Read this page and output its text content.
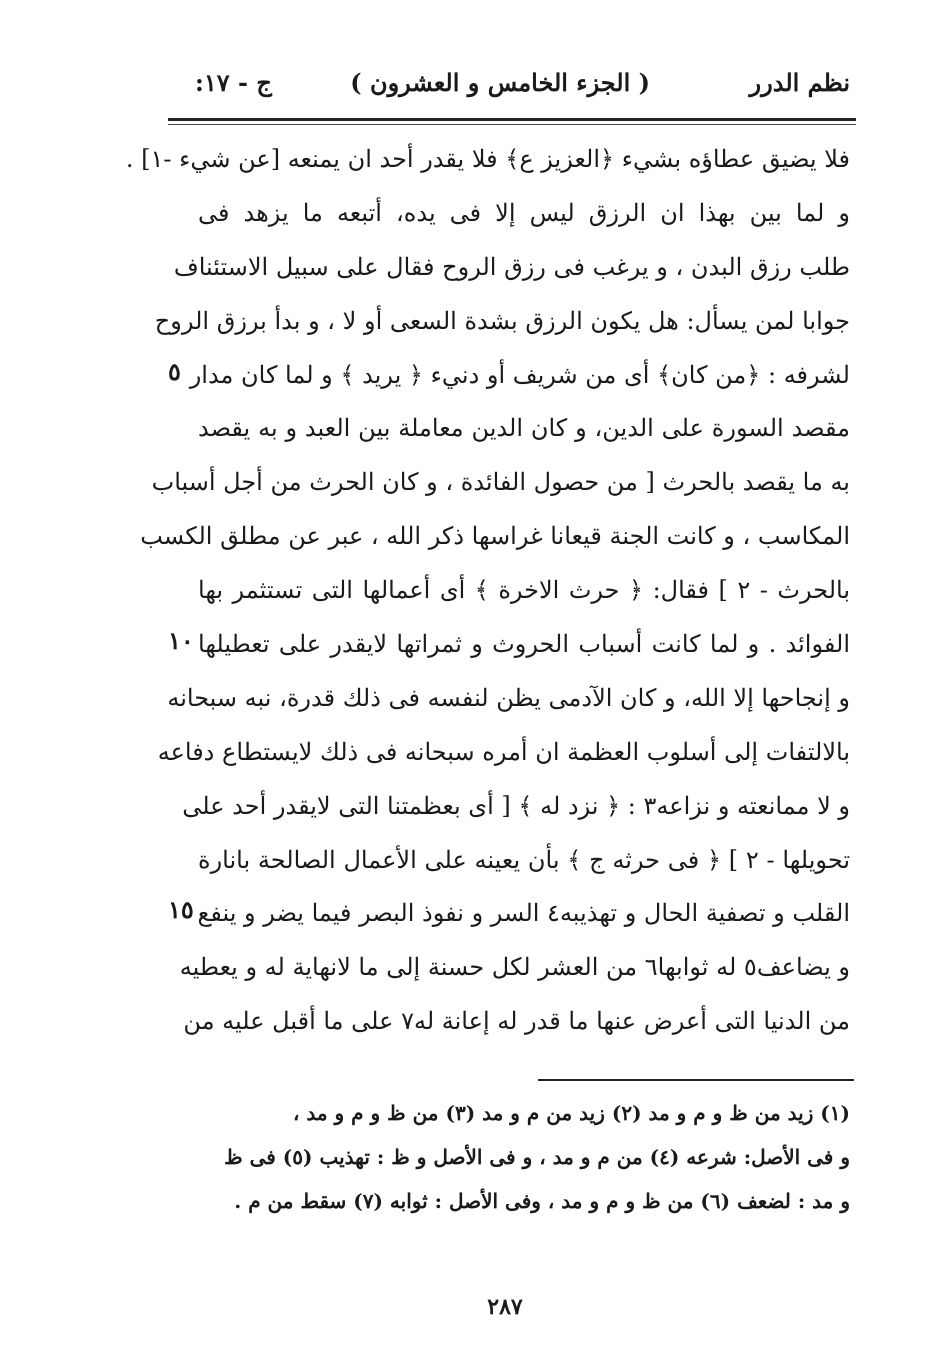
نظم الدرر
( الجزء الخامس و العشرون )
ج - ١٧:
فلا يضيق عطاؤه بشيء ﴿العزيز ع﴾ فلا يقدر أحد ان يمنعه [عن شيء -١] .
و لما بين بهذا ان الرزق ليس إلا فى يده، أتبعه ما يزهد فى
طلب رزق البدن ، و يرغب فى رزق الروح فقال على سبيل الاستئناف
جوابا لمن يسأل: هل يكون الرزق بشدة السعى أو لا ، و بدأ برزق الروح
لشرفه : ﴿من كان﴾ أى من شريف أو دنيء ﴿ يريد ﴾ و لما كان مدار
٥
مقصد السورة على الدين، و كان الدين معاملة بين العبد و به يقصد
به ما يقصد بالحرث [ من حصول الفائدة ، و كان الحرث من أجل أسباب
المكاسب ، و كانت الجنة قيعانا غراسها ذكر الله ، عبر عن مطلق الكسب
بالحرث - ٢ ] فقال: ﴿ حرث الاخرة ﴾ أى أعمالها التى تستثمر بها
الفوائد . و لما كانت أسباب الحروث و ثمراتها لايقدر على تعطيلها
١٠
و إنجاحها إلا الله، و كان الآدمى يظن لنفسه فى ذلك قدرة، نبه سبحانه
بالالتفات إلى أسلوب العظمة ان أمره سبحانه فى ذلك لايستطاع دفاعه
و لا ممانعته و نزاعه٣ : ﴿ نزد له ﴾ [ أى بعظمتنا التى لايقدر أحد على
تحويلها - ٢ ] ﴿ فى حرثه ج ﴾ بأن يعينه على الأعمال الصالحة بانارة
القلب و تصفية الحال و تهذيبه٤ السر و نفوذ البصر فيما يضر و ينفع
١٥
و يضاعف٥ له ثوابها٦ من العشر لكل حسنة إلى ما لانهاية له و يعطيه
من الدنيا التى أعرض عنها ما قدر له إعانة له٧ على ما أقبل عليه من
(١) زيد من ظ و م و مد (٢) زيد من م و مد (٣) من ظ و م و مد ،
و فى الأصل: شرعه (٤) من م و مد ، و فى الأصل و ظ : تهذيب (٥) فى ظ
و مد : لضعف (٦) من ظ و م و مد ، وفى الأصل : ثوابه (٧) سقط من م .
٢٨٧
